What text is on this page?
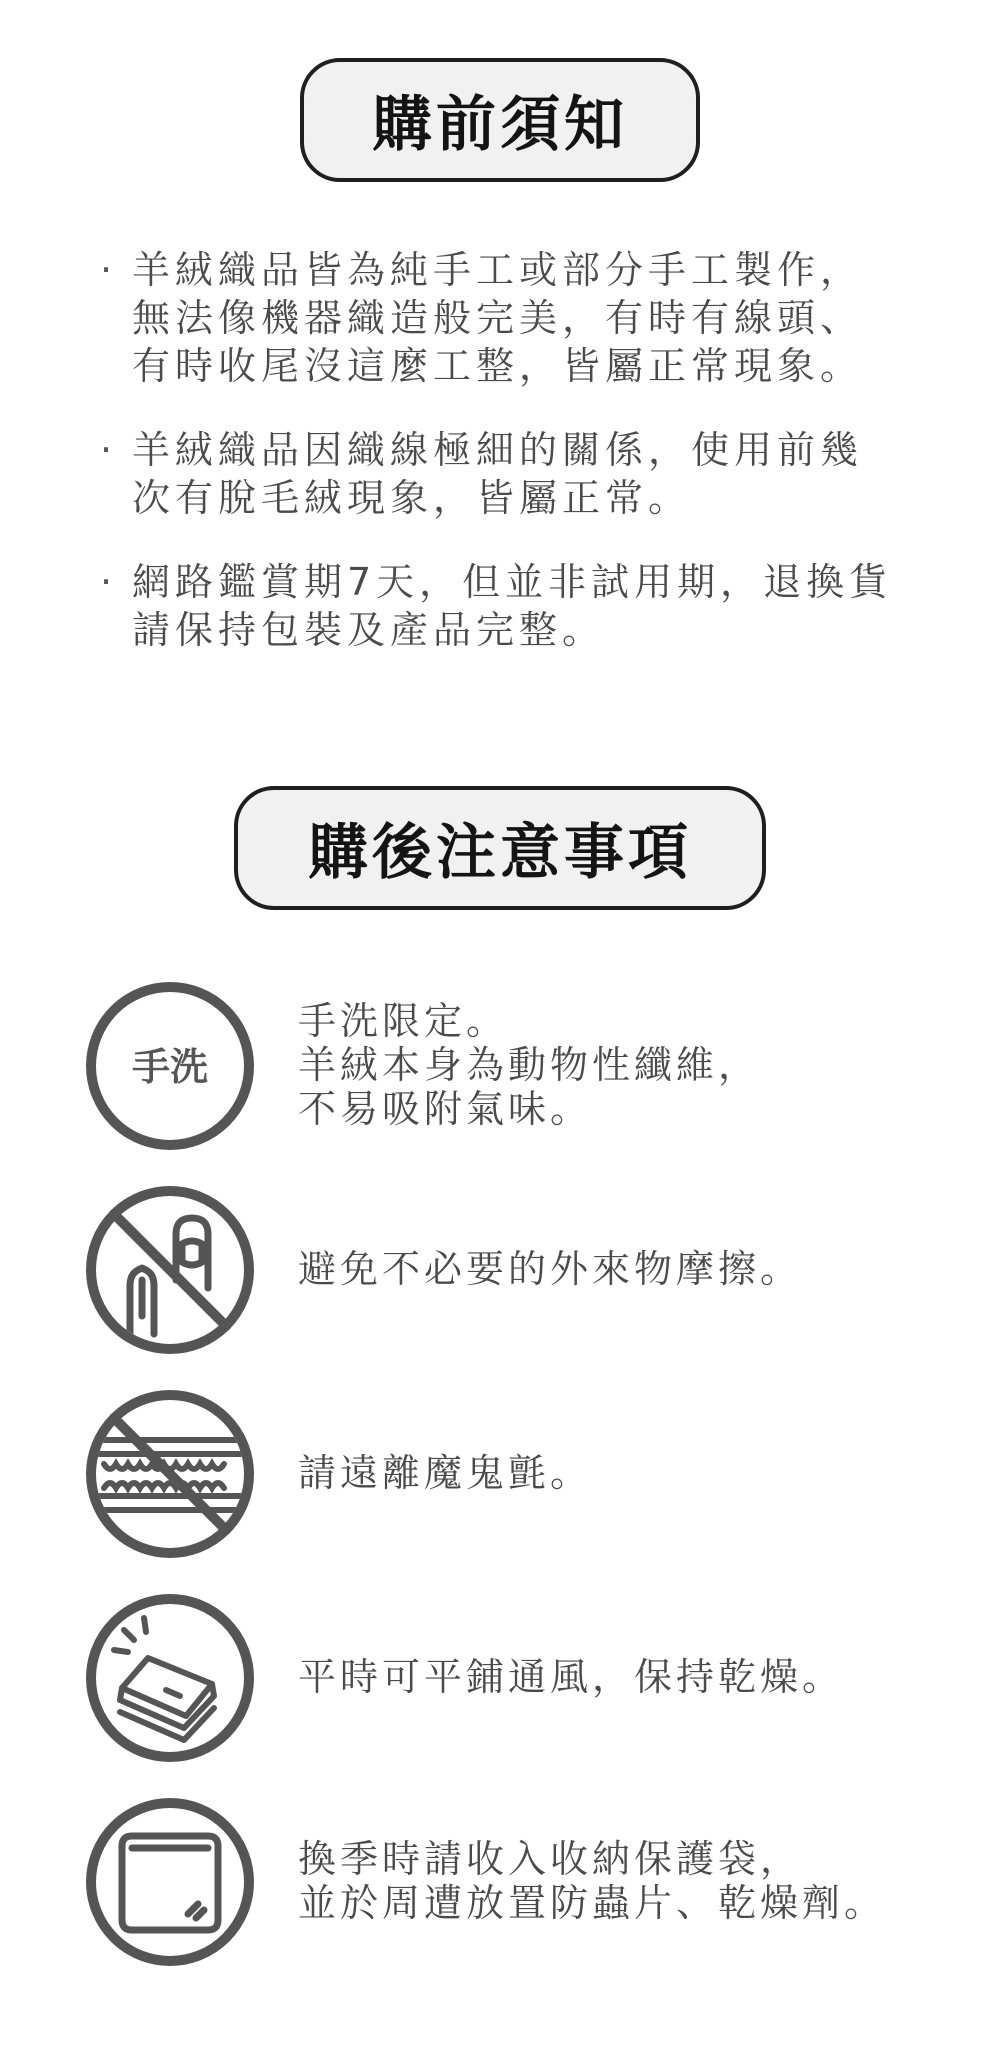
購前須知
· 羊絨織品皆為純手工或部分手工製作，
無法像機器織造般完美，有時有線頭、
有時收尾沒這麼工整，皆屬正常現象。
· 羊絨織品因織線極細的關係，使用前幾
次有脫毛絨現象，皆屬正常。
· 網路鑑賞期7天，但並非試用期，退換貨
請保持包裝及產品完整。
購後注意事項
手洗
手洗限定。
羊絨本身為動物性纖維，
不易吸附氣味。
避免不必要的外來物摩擦。
請遠離魔鬼氈。
平時可平鋪通風，保持乾燥。
換季時請收入收納保護袋，
並於周遭放置防蟲片、乾燥劑。
